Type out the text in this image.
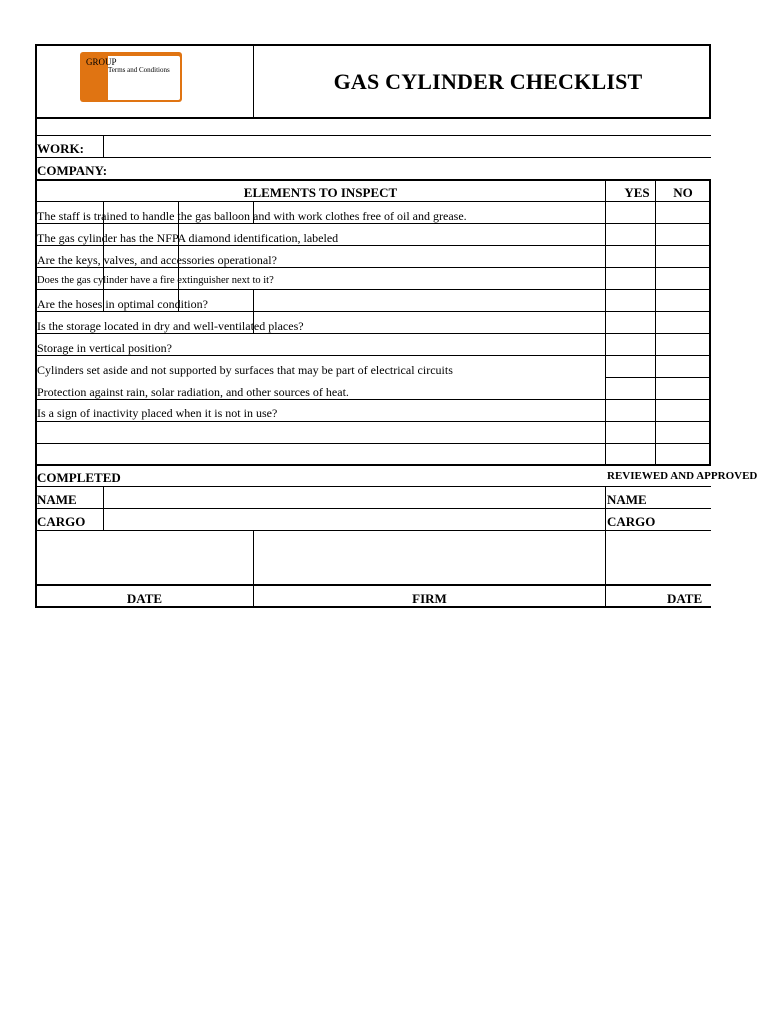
GROUP
Terms and Conditions	GAS CYLINDER CHECKLIST
WORK:
COMPANY:
ELEMENTS TO INSPECT	YES	NO
The staff is trained to handle the gas balloon and with work clothes free of oil and grease.
The gas cylinder has the NFPA diamond identification, labeled
Are the keys, valves, and accessories operational?
Does the gas cylinder have a fire extinguisher next to it?
Are the hoses in optimal condition?
Is the storage located in dry and well-ventilated places?
Storage in vertical position?
Cylinders set aside and not supported by surfaces that may be part of electrical circuits
Protection against rain, solar radiation, and other sources of heat.
Is a sign of inactivity placed when it is not in use?
COMPLETED	REVIEWED AND APPROVED
NAME	NAME
CARGO	CARGO
DATE	FIRM	DATE
